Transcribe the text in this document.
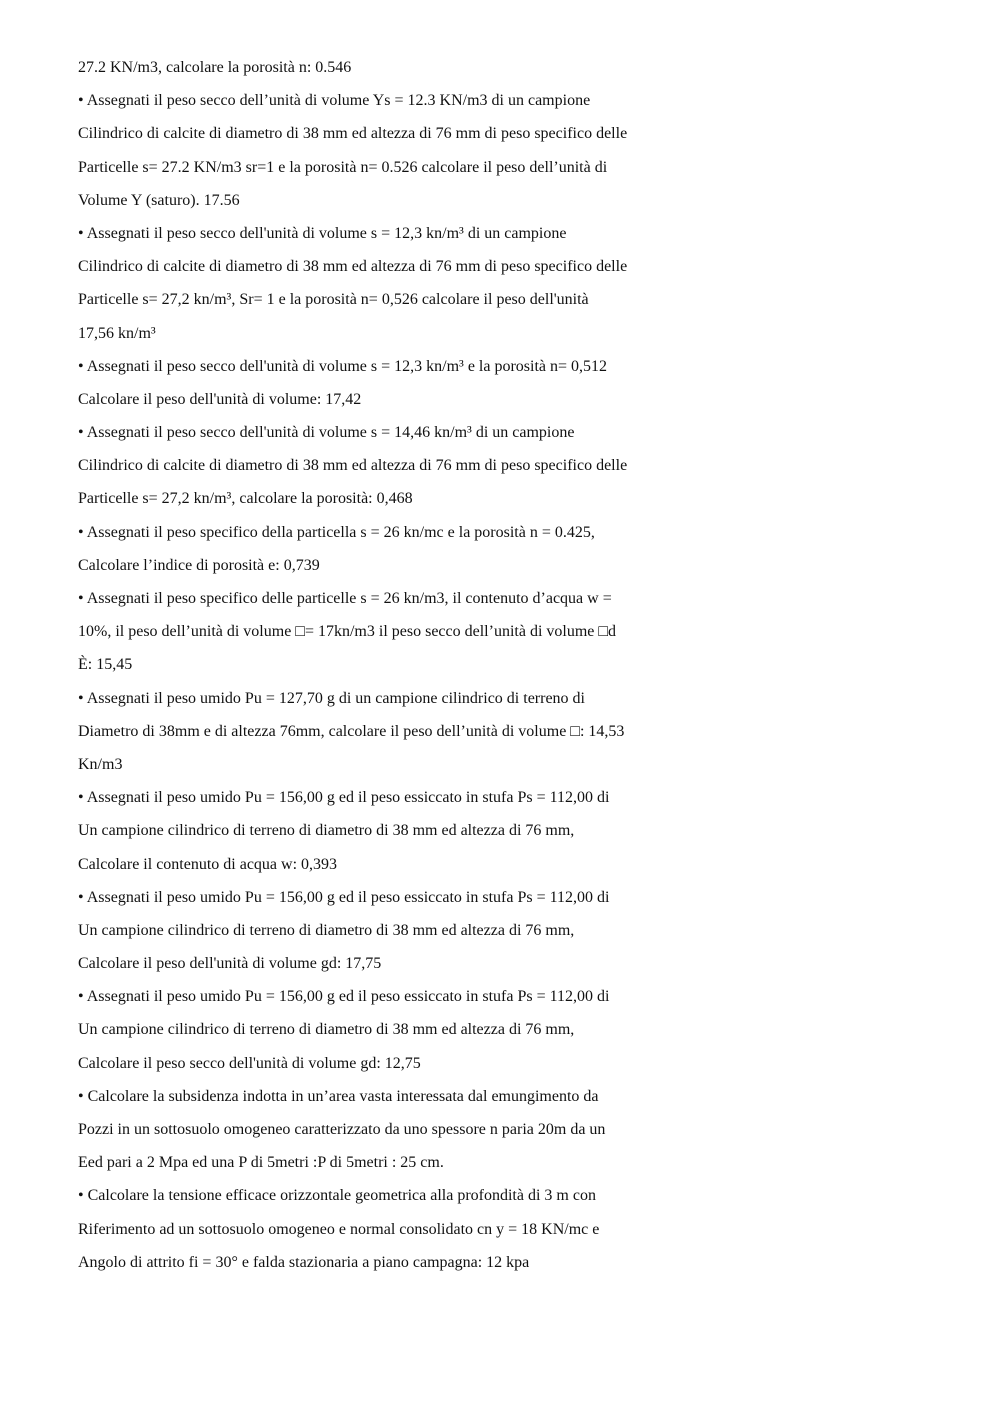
27.2 KN/m3, calcolare la porosità n: 0.546
• Assegnati il peso secco dell’unità di volume Ys = 12.3 KN/m3 di un campione
Cilindrico di calcite di diametro di 38 mm ed altezza di 76 mm di peso specifico delle
Particelle s= 27.2 KN/m3 sr=1 e la porosità n= 0.526 calcolare il peso dell’unità di
Volume Y (saturo). 17.56
• Assegnati il peso secco dell'unità di volume s = 12,3 kn/m³ di un campione
Cilindrico di calcite di diametro di 38 mm ed altezza di 76 mm di peso specifico delle
Particelle s= 27,2 kn/m³, Sr= 1 e la porosità n= 0,526 calcolare il peso dell'unità
17,56 kn/m³
• Assegnati il peso secco dell'unità di volume s = 12,3 kn/m³ e la porosità n= 0,512
Calcolare il peso dell'unità di volume: 17,42
• Assegnati il peso secco dell'unità di volume s = 14,46 kn/m³ di un campione
Cilindrico di calcite di diametro di 38 mm ed altezza di 76 mm di peso specifico delle
Particelle s= 27,2 kn/m³, calcolare la porosità: 0,468
• Assegnati il peso specifico della particella s = 26 kn/mc e la porosità n = 0.425,
Calcolare l’indice di porosità e: 0,739
• Assegnati il peso specifico delle particelle s = 26 kn/m3, il contenuto d’acqua w =
10%, il peso dell’unità di volume □= 17kn/m3 il peso secco dell’unità di volume □d
È: 15,45
• Assegnati il peso umido Pu = 127,70 g di un campione cilindrico di terreno di
Diametro di 38mm e di altezza 76mm, calcolare il peso dell’unità di volume □: 14,53
Kn/m3
• Assegnati il peso umido Pu = 156,00 g ed il peso essiccato in stufa Ps = 112,00 di
Un campione cilindrico di terreno di diametro di 38 mm ed altezza di 76 mm,
Calcolare il contenuto di acqua w: 0,393
• Assegnati il peso umido Pu = 156,00 g ed il peso essiccato in stufa Ps = 112,00 di
Un campione cilindrico di terreno di diametro di 38 mm ed altezza di 76 mm,
Calcolare il peso dell'unità di volume gd: 17,75
• Assegnati il peso umido Pu = 156,00 g ed il peso essiccato in stufa Ps = 112,00 di
Un campione cilindrico di terreno di diametro di 38 mm ed altezza di 76 mm,
Calcolare il peso secco dell'unità di volume gd: 12,75
• Calcolare la subsidenza indotta in un’area vasta interessata dal emungimento da
Pozzi in un sottosuolo omogeneo caratterizzato da uno spessore n paria 20m da un
Eed pari a 2 Mpa ed una P di 5metri :P di 5metri : 25 cm.
• Calcolare la tensione efficace orizzontale geometrica alla profondità di 3 m con
Riferimento ad un sottosuolo omogeneo e normal consolidato cn y = 18 KN/mc e
Angolo di attrito fi = 30° e falda stazionaria a piano campagna: 12 kpa
